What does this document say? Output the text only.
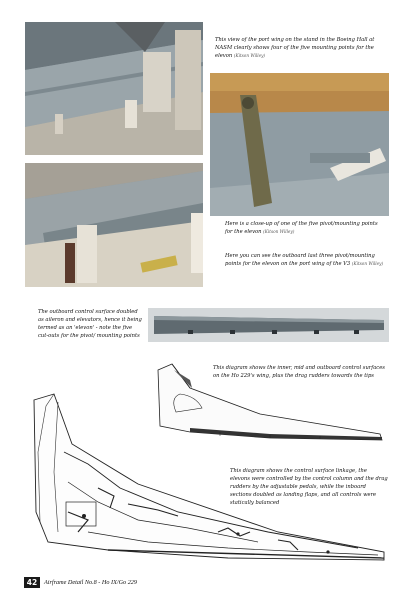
This view of the port wing on the stand in the Boeing Hall at NASM clearly shows four of the five mounting points for the elevon (Kitson Willey)
Here is a close-up of one of the five pivot/mounting points for the elevon (Kitson Willey)
Here you can see the outboard last three pivot/mounting points for the elevon on the port wing of the V3 (Kitson Willey)
The outboard control surface doubled as aileron and elevators, hence it being termed as an 'elevon' - note the five cut-outs for the pivot/ mounting points
This diagram shows the inner, mid and outboard control surfaces on the Ho 229's wing, plus the drag rudders towards the tips
This diagram shows the control surface linkage, the elevons were controlled by the control column and the drag rudders by the adjustable pedals, while the inboard sections doubled as landing flaps, and all controls were statically balanced
42	Airframe Detail No.8 - Ho IX/Go 229
